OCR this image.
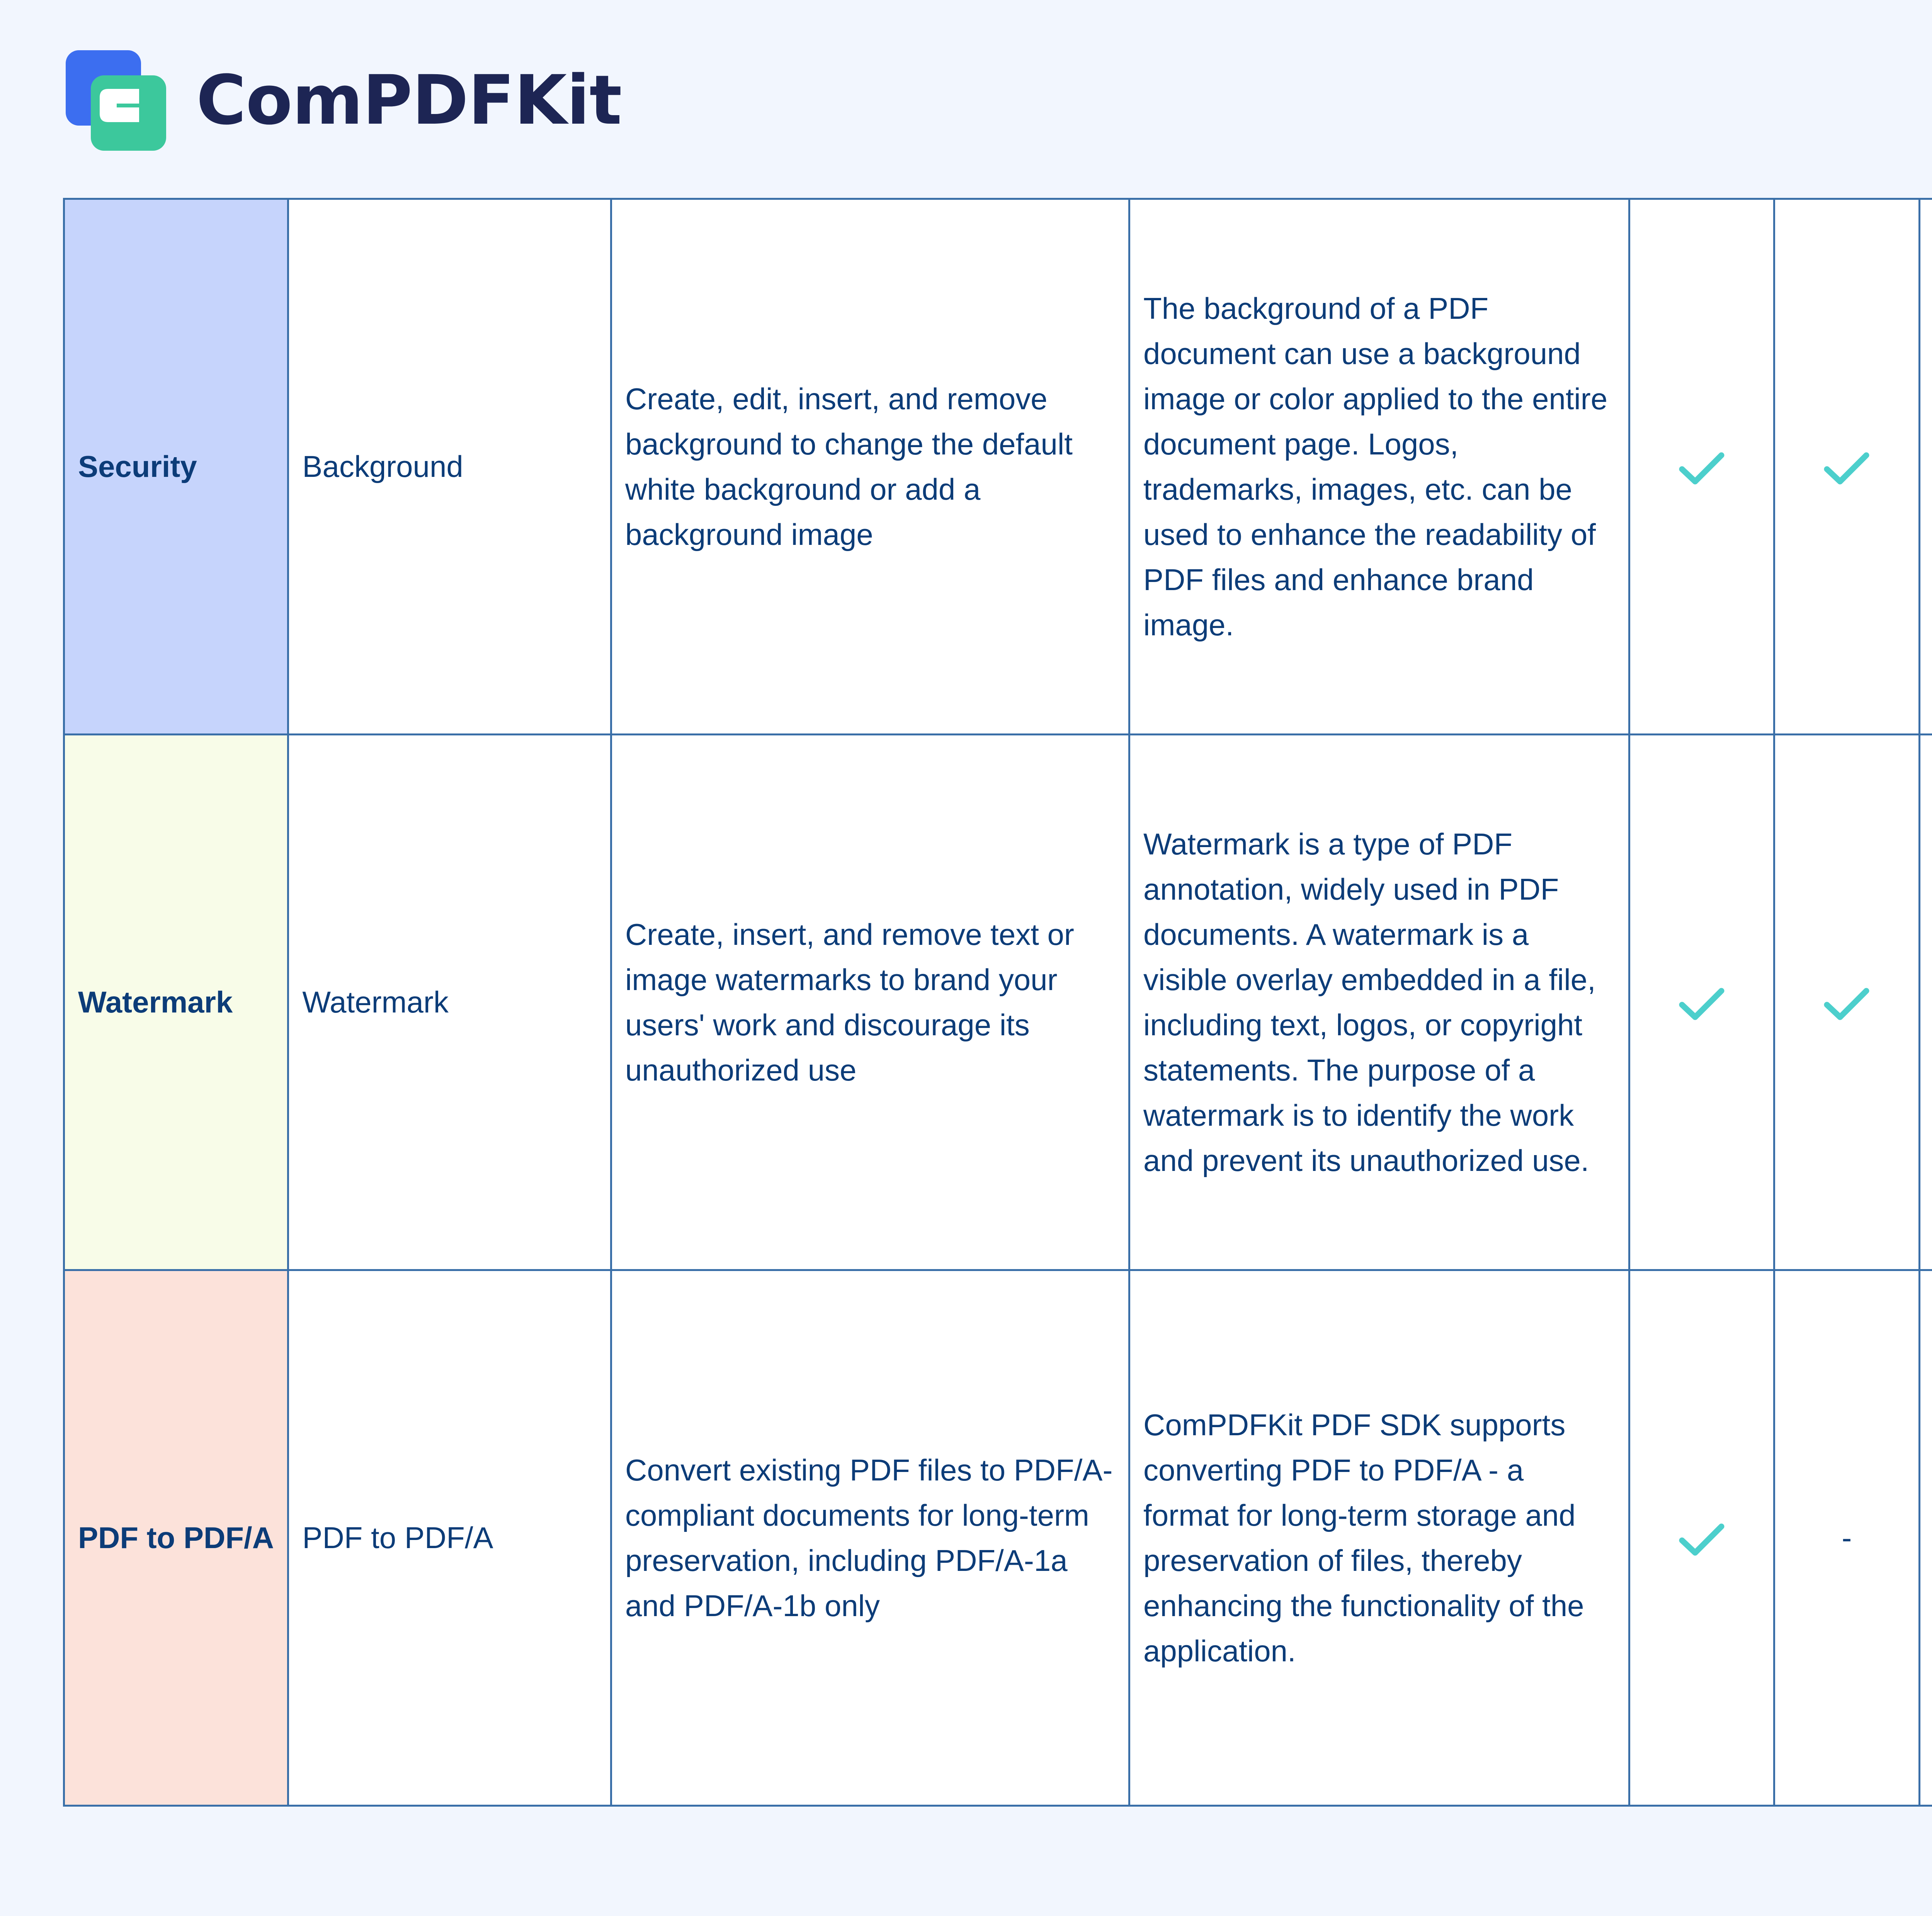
ComPDFKit
Security	Background	Create, edit, insert, and remove background to change the default white background or add a background image	The background of a PDF document can use a background image or color applied to the entire document page. Logos, trademarks, images, etc. can be used to enhance the readability of PDF files and enhance brand image.							
Watermark	Watermark	Create, insert, and remove text or image watermarks to brand your users' work and discourage its unauthorized use	Watermark is a type of PDF annotation, widely used in PDF documents. A watermark is a visible overlay embedded in a file, including text, logos, or copyright statements. The purpose of a watermark is to identify the work and prevent its unauthorized use.							
PDF to PDF/A	PDF to PDF/A	Convert existing PDF files to PDF/A-compliant documents for long-term preservation, including PDF/A-1a and PDF/A-1b only	ComPDFKit PDF SDK supports converting PDF to PDF/A - a format for long-term storage and preservation of files, thereby enhancing the functionality of the application.		-					
